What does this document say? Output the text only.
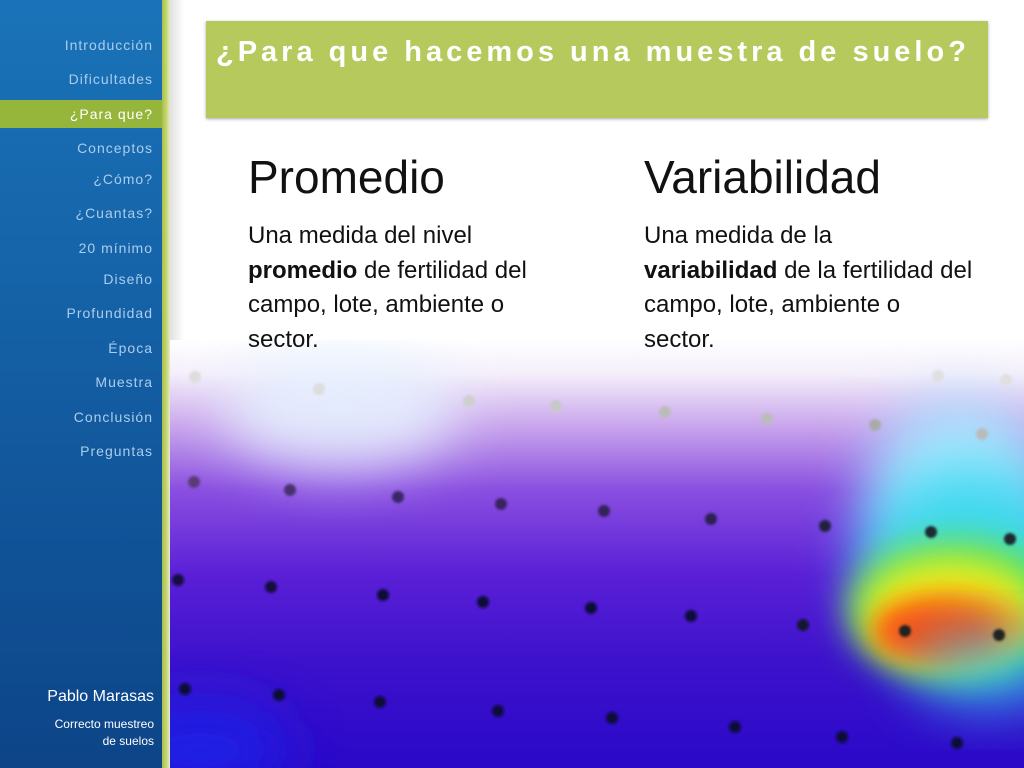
Introducción
Dificultades
¿Para que?
Conceptos
¿Cómo?
¿Cuantas?
20 mínimo
Diseño
Profundidad
Época
Muestra
Conclusión
Preguntas
Pablo Marasas
Correcto muestreo
de suelos
¿Para que hacemos una muestra de suelo?
Promedio
Una medida del nivel
promedio de fertilidad del campo, lote, ambiente o sector.
Variabilidad
Una medida de la
variabilidad de la fertilidad del campo, lote, ambiente o sector.
